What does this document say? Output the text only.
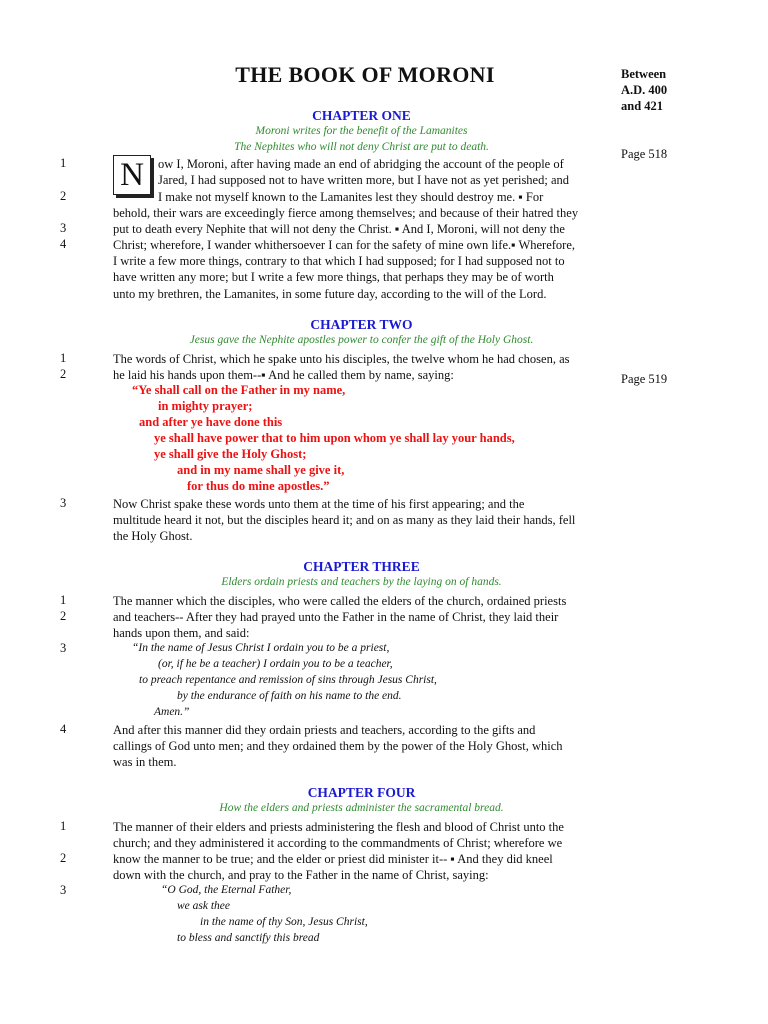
THE BOOK OF MORONI	Between
A.D. 400
and 421
Page 518
Page 519
CHAPTER ONE
Moroni writes for the benefit of the Lamanites
The Nephites who will not deny Christ are put to death.
1
2
3
4
N	ow I, Moroni, after having made an end of abridging the account of the people of
Jared, I had supposed not to have written more, but I have not as yet perished; and
I make not myself known to the Lamanites lest they should destroy me. ▪ For
behold, their wars are exceedingly fierce among themselves; and because of their hatred they
put to death every Nephite that will not deny the Christ. ▪ And I, Moroni, will not deny the
Christ; wherefore, I wander whithersoever I can for the safety of mine own life.▪ Wherefore,
I write a few more things, contrary to that which I had supposed; for I had supposed not to
have written any more; but I write a few more things, that perhaps they may be of worth
unto my brethren, the Lamanites, in some future day, according to the will of the Lord.
CHAPTER TWO
Jesus gave the Nephite apostles power to confer the gift of the Holy Ghost.
1
2
The words of Christ, which he spake unto his disciples, the twelve whom he had chosen, as
he laid his hands upon them--▪ And he called them by name, saying:
“Ye shall call on the Father in my name,
in mighty prayer;
and after ye have done this
ye shall have power that to him upon whom ye shall lay your hands,
ye shall give the Holy Ghost;
and in my name shall ye give it,
for thus do mine apostles.”
3	Now Christ spake these words unto them at the time of his first appearing; and the
multitude heard it not, but the disciples heard it; and on as many as they laid their hands, fell
the Holy Ghost.
CHAPTER THREE
Elders ordain priests and teachers by the laying on of hands.
1
2
The manner which the disciples, who were called the elders of the church, ordained priests
and teachers-- After they had prayed unto the Father in the name of Christ, they laid their
hands upon them, and said:
3	“In the name of Jesus Christ I ordain you to be a priest,
(or, if he be a teacher) I ordain you to be a teacher,
to preach repentance and remission of sins through Jesus Christ,
by the endurance of faith on his name to the end.
Amen.”
4	And after this manner did they ordain priests and teachers, according to the gifts and
callings of God unto men; and they ordained them by the power of the Holy Ghost, which
was in them.
CHAPTER FOUR
How the elders and priests administer the sacramental bread.
1
2
The manner of their elders and priests administering the flesh and blood of Christ unto the
church; and they administered it according to the commandments of Christ; wherefore we
know the manner to be true; and the elder or priest did minister it-- ▪ And they did kneel
down with the church, and pray to the Father in the name of Christ, saying:
3	“O God, the Eternal Father,
we ask thee
in the name of thy Son, Jesus Christ,
to bless and sanctify this bread
